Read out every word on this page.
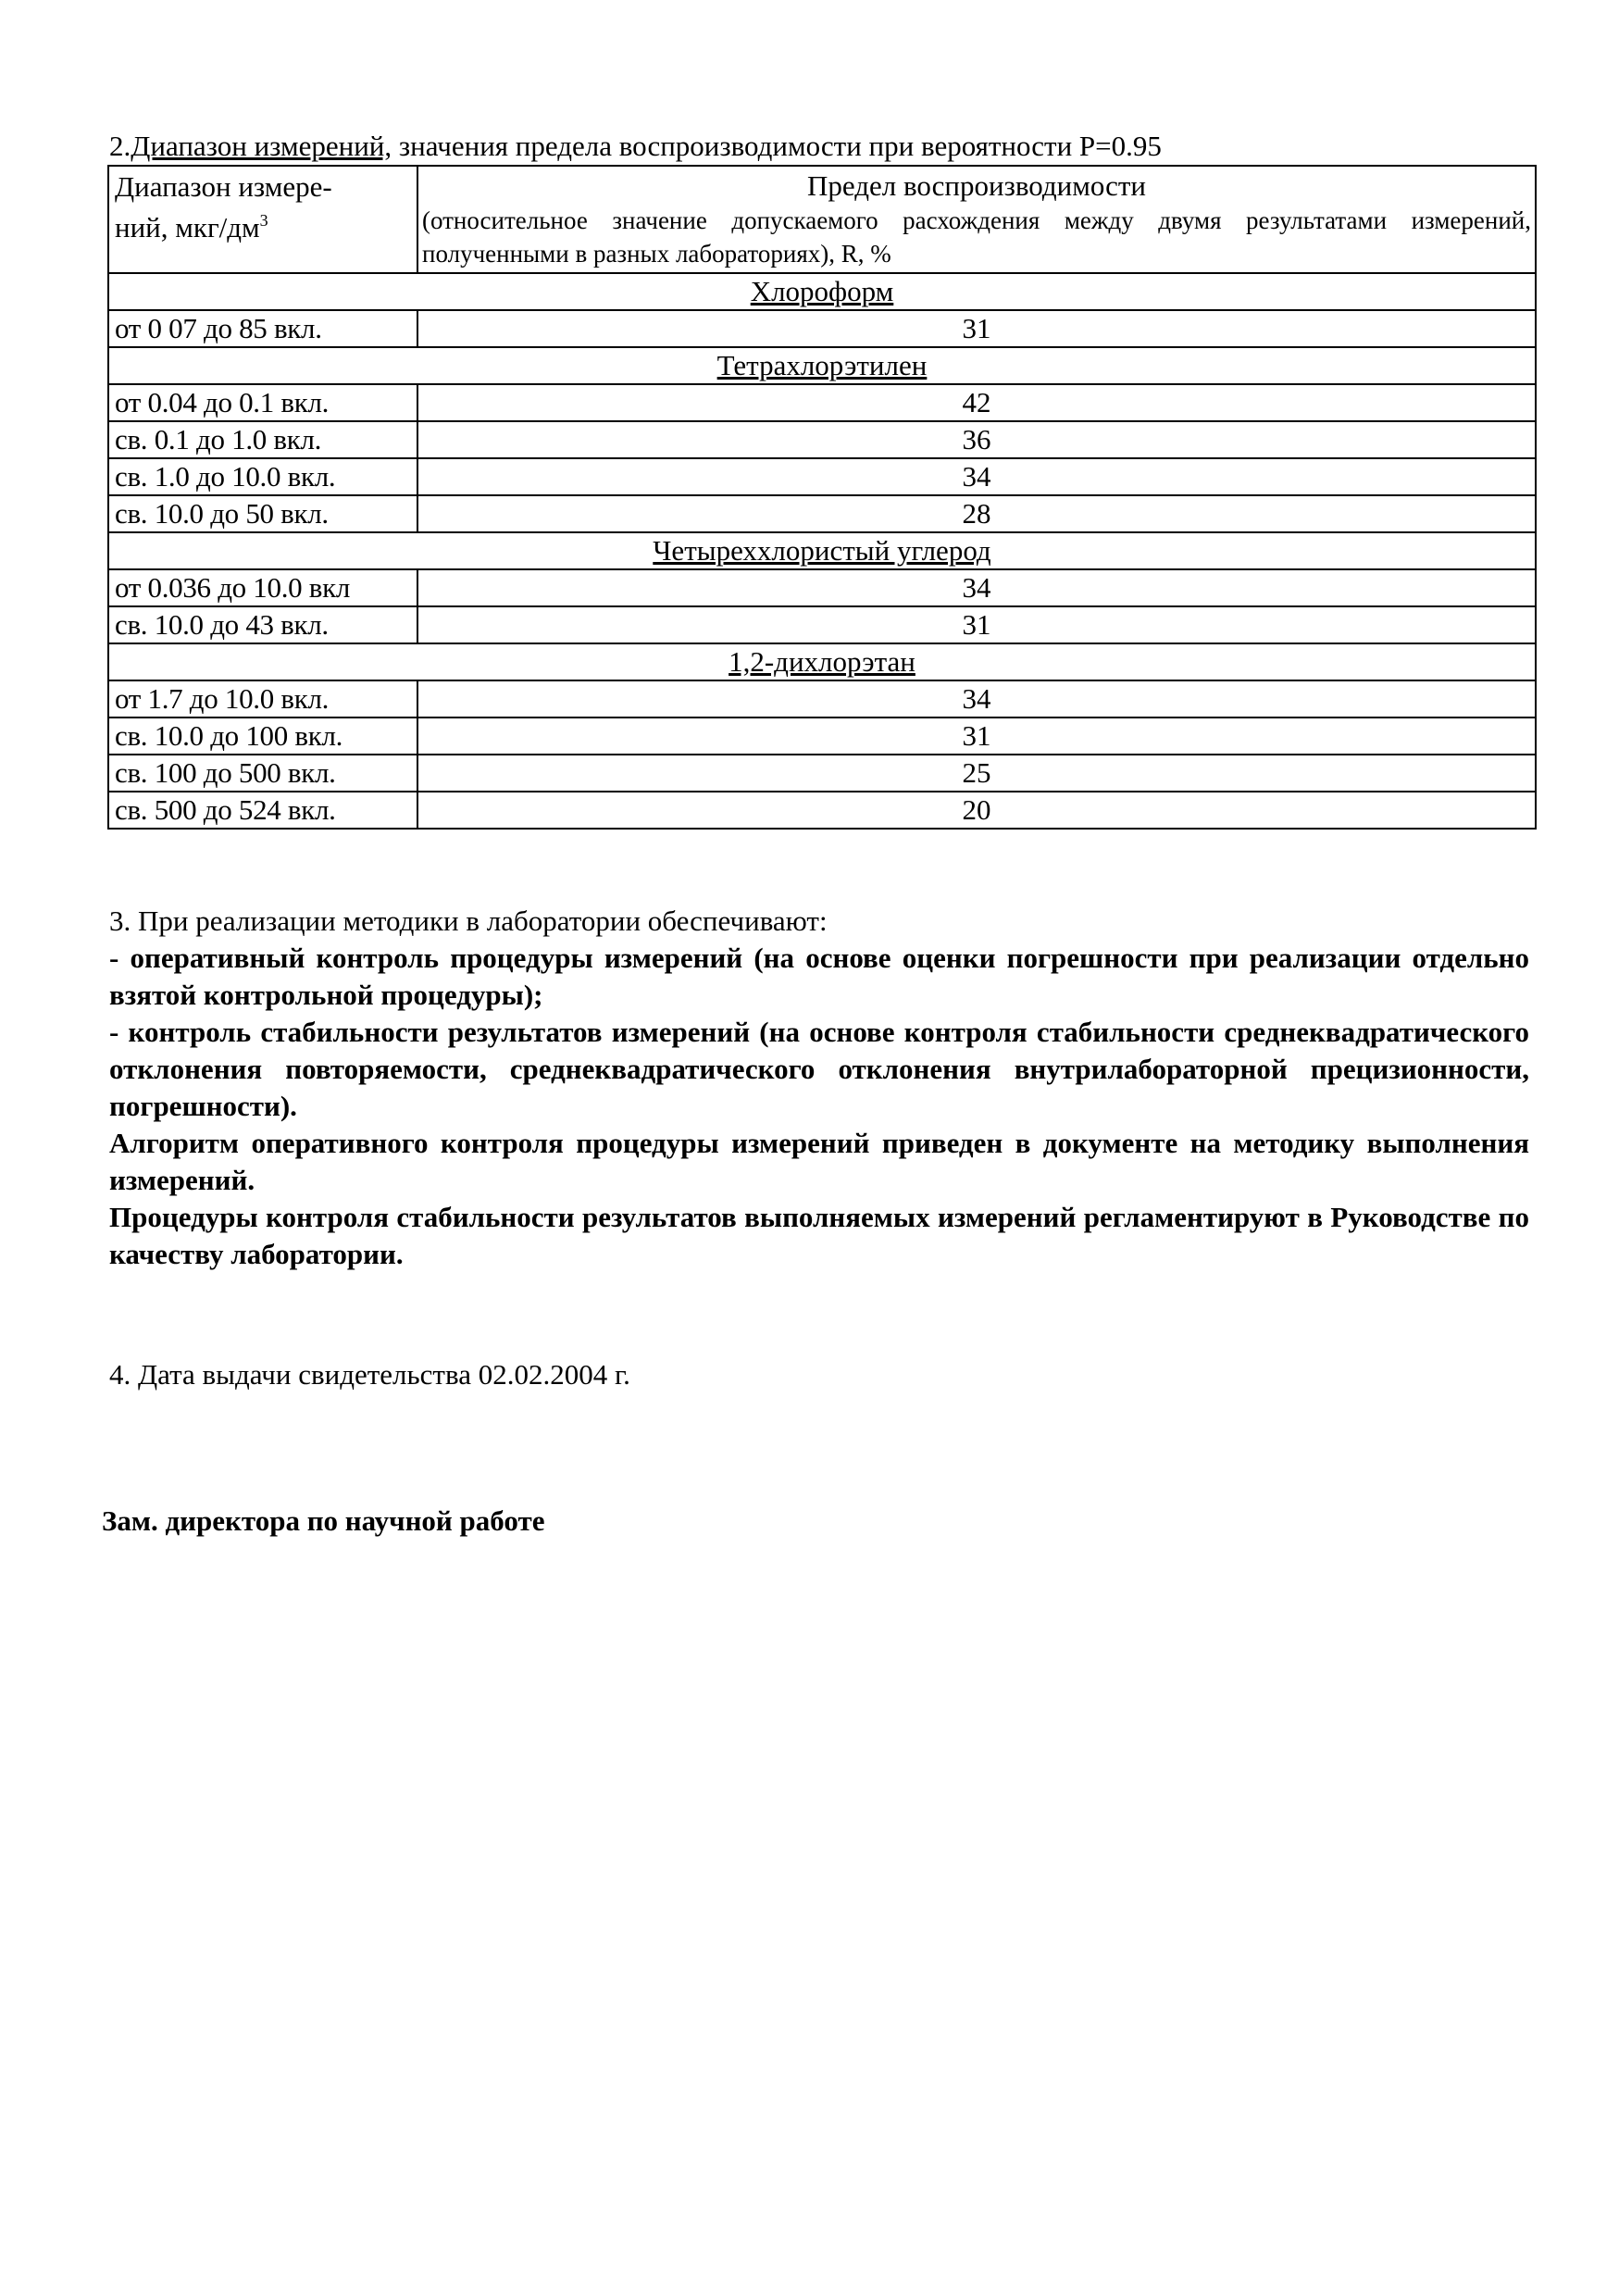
2.Диапазон измерений, значения предела воспроизводимости при вероятности Р=0.95
Диапазон измере-
ний, мкг/$дм^3$	Предел воспроизводимости
(относительное значение допускаемого расхождения между двумя результатами измерений, полученными в разных лабораториях), R, %

Хлороформ	
от 0 07 до 85 вкл.	31
Тетрахлорэтилен	
от 0.04 до 0.1 вкл.	42
св. 0.1 до 1.0 вкл.	36
св. 1.0 до 10.0 вкл.	34
св. 10.0 до 50 вкл.	28
Четыреххлористый углерод	
от 0.036 до 10.0 вкл	34
св. 10.0 до 43 вкл.	31
1,2-дихлорэтан	
от 1.7 до 10.0 вкл.	34
св. 10.0 до 100 вкл.	31
св. 100 до 500 вкл.	25
св. 500 до 524 вкл.	20

3. При реализации методики в лаборатории обеспечивают:

- оперативный контроль процедуры измерений (на основе оценки погрешности при реализации отдельно взятой контрольной процедуры);

- контроль стабильности результатов измерений (на основе контроля стабильности среднеквадратического отклонения повторяемости, среднеквадратического отклонения внутрилабораторной прецизионности, погрешности).

Алгоритм оперативного контроля процедуры измерений приведен в документе на методику выполнения измерений.

Процедуры контроля стабильности результатов выполняемых измерений регламентируют в Руководстве по качеству лаборатории.

4. Дата выдачи свидетельства 02.02.2004 г.
Зам. директора по научной работе
